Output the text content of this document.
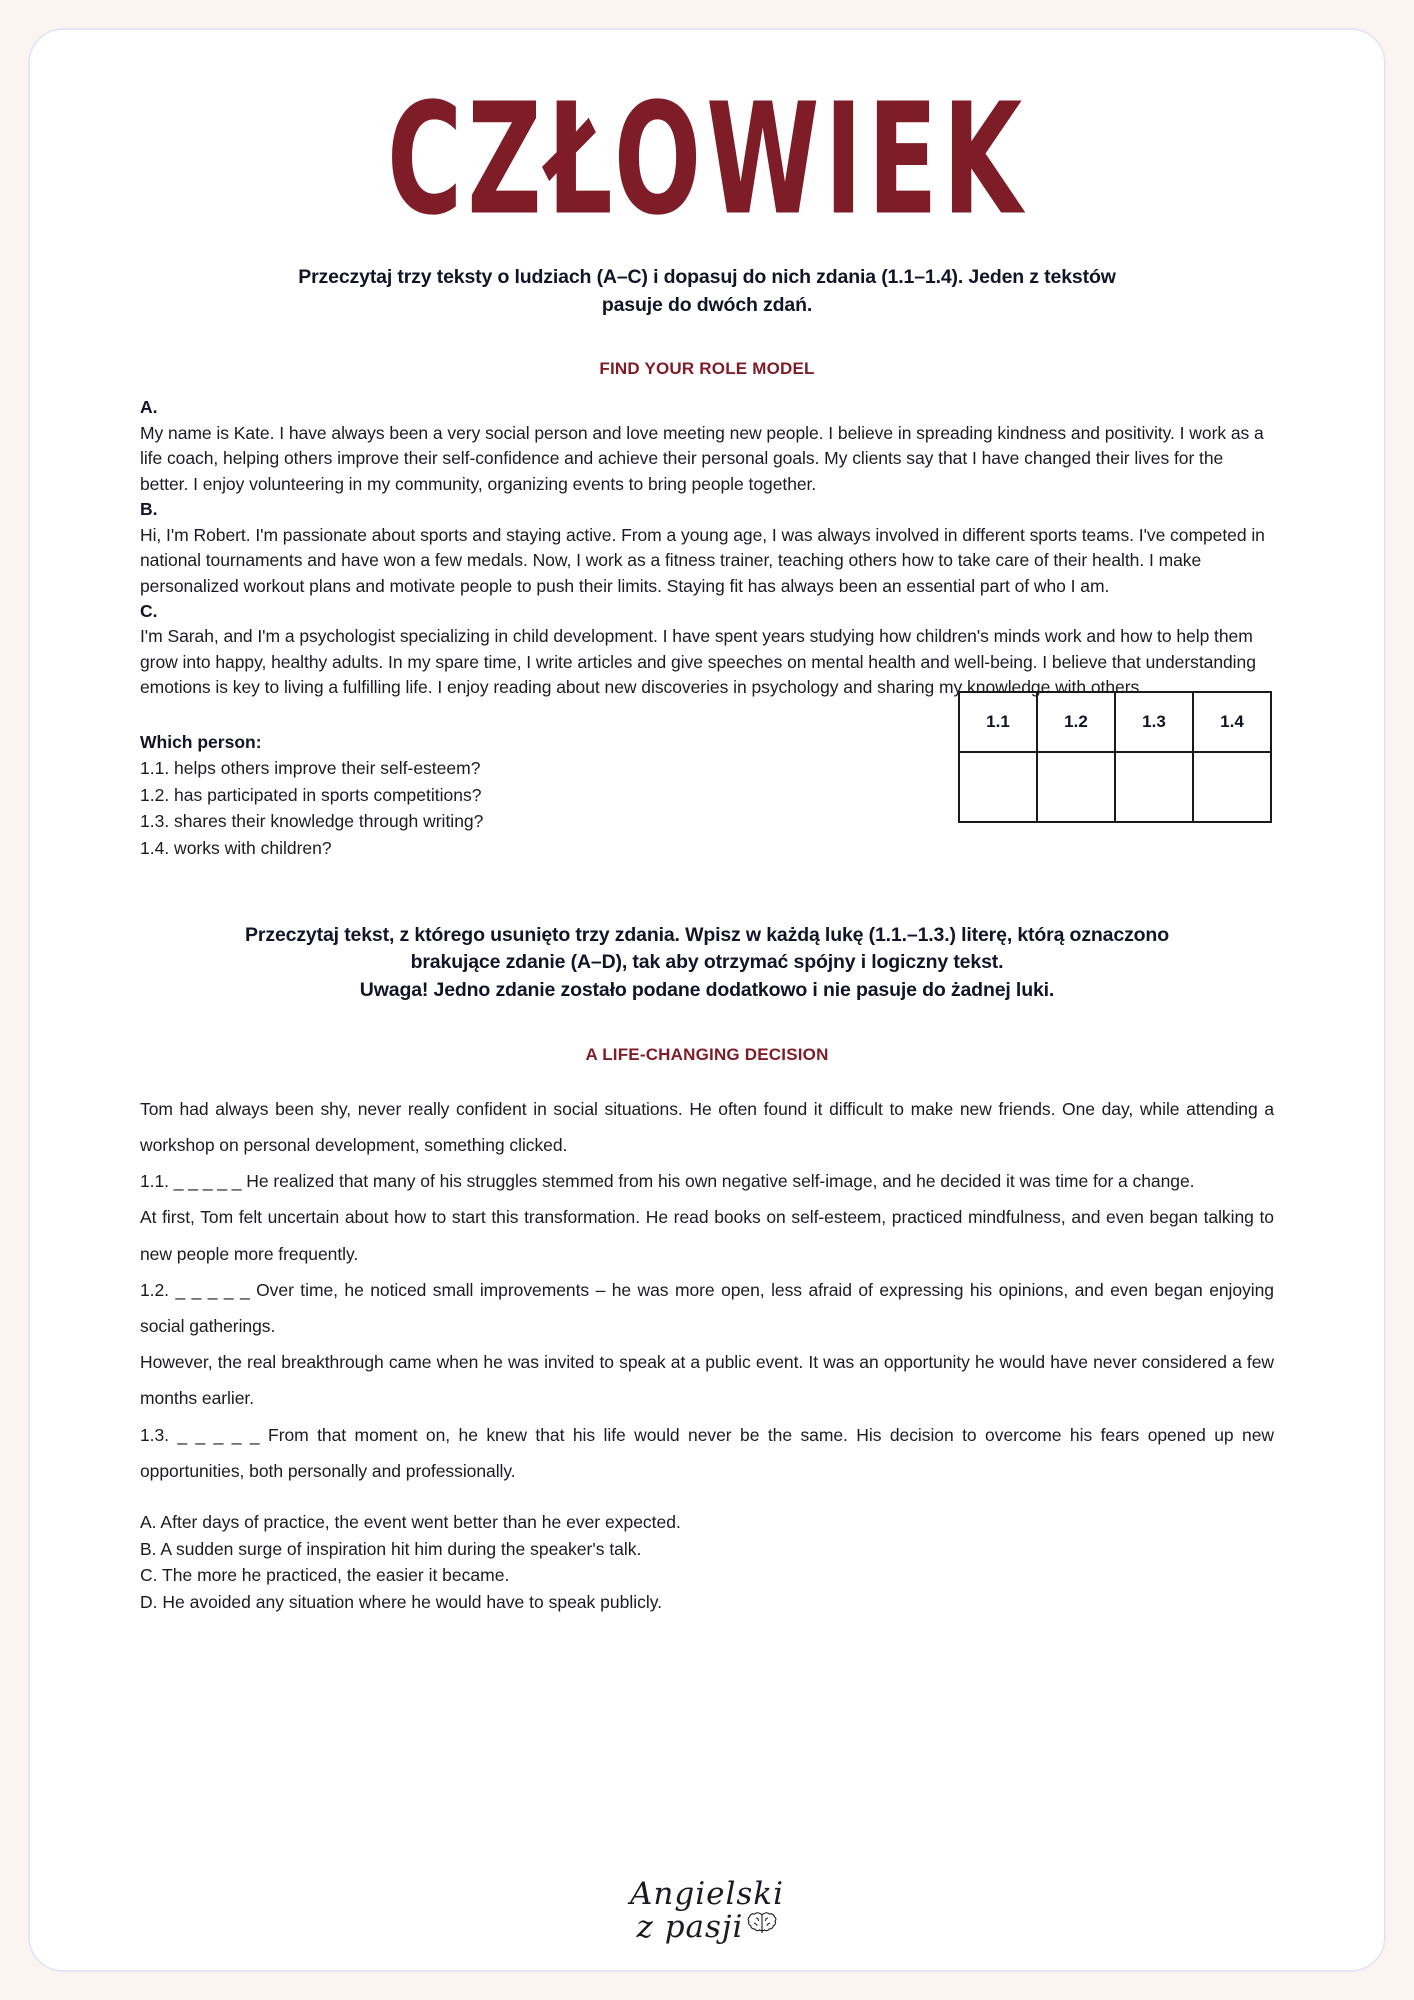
CZŁOWIEK
Przeczytaj trzy teksty o ludziach (A–C) i dopasuj do nich zdania (1.1–1.4). Jeden z tekstów
pasuje do dwóch zdań.
FIND YOUR ROLE MODEL
A.
My name is Kate. I have always been a very social person and love meeting new people. I believe in spreading kindness and positivity. I work as a life coach, helping others improve their self-confidence and achieve their personal goals. My clients say that I have changed their lives for the better. I enjoy volunteering in my community, organizing events to bring people together.
B.
Hi, I'm Robert. I'm passionate about sports and staying active. From a young age, I was always involved in different sports teams. I've competed in national tournaments and have won a few medals. Now, I work as a fitness trainer, teaching others how to take care of their health. I make personalized workout plans and motivate people to push their limits. Staying fit has always been an essential part of who I am.
C.
I'm Sarah, and I'm a psychologist specializing in child development. I have spent years studying how children's minds work and how to help them grow into happy, healthy adults. In my spare time, I write articles and give speeches on mental health and well-being. I believe that understanding emotions is key to living a fulfilling life. I enjoy reading about new discoveries in psychology and sharing my knowledge with others.
Which person:
1.1. helps others improve their self-esteem?
1.2. has participated in sports competitions?
1.3. shares their knowledge through writing?
1.4. works with children?
1.1	1.2	1.3	1.4

Przeczytaj tekst, z którego usunięto trzy zdania. Wpisz w każdą lukę (1.1.–1.3.) literę, którą oznaczono
brakujące zdanie (A–D), tak aby otrzymać spójny i logiczny tekst.
Uwaga! Jedno zdanie zostało podane dodatkowo i nie pasuje do żadnej luki.
A LIFE-CHANGING DECISION

Tom had always been shy, never really confident in social situations. He often found it difficult to make new friends. One day, while attending a workshop on personal development, something clicked.

1.1. _ _ _ _ _ He realized that many of his struggles stemmed from his own negative self-image, and he decided it was time for a change.

At first, Tom felt uncertain about how to start this transformation. He read books on self-esteem, practiced mindfulness, and even began talking to new people more frequently.

1.2. _ _ _ _ _ Over time, he noticed small improvements – he was more open, less afraid of expressing his opinions, and even began enjoying social gatherings.

However, the real breakthrough came when he was invited to speak at a public event. It was an opportunity he would have never considered a few months earlier.

1.3. _ _ _ _ _ From that moment on, he knew that his life would never be the same. His decision to overcome his fears opened up new opportunities, both personally and professionally.

A. After days of practice, the event went better than he ever expected.
B. A sudden surge of inspiration hit him during the speaker's talk.
C. The more he practiced, the easier it became.
D. He avoided any situation where he would have to speak publicly.
Angielski
z pasji
